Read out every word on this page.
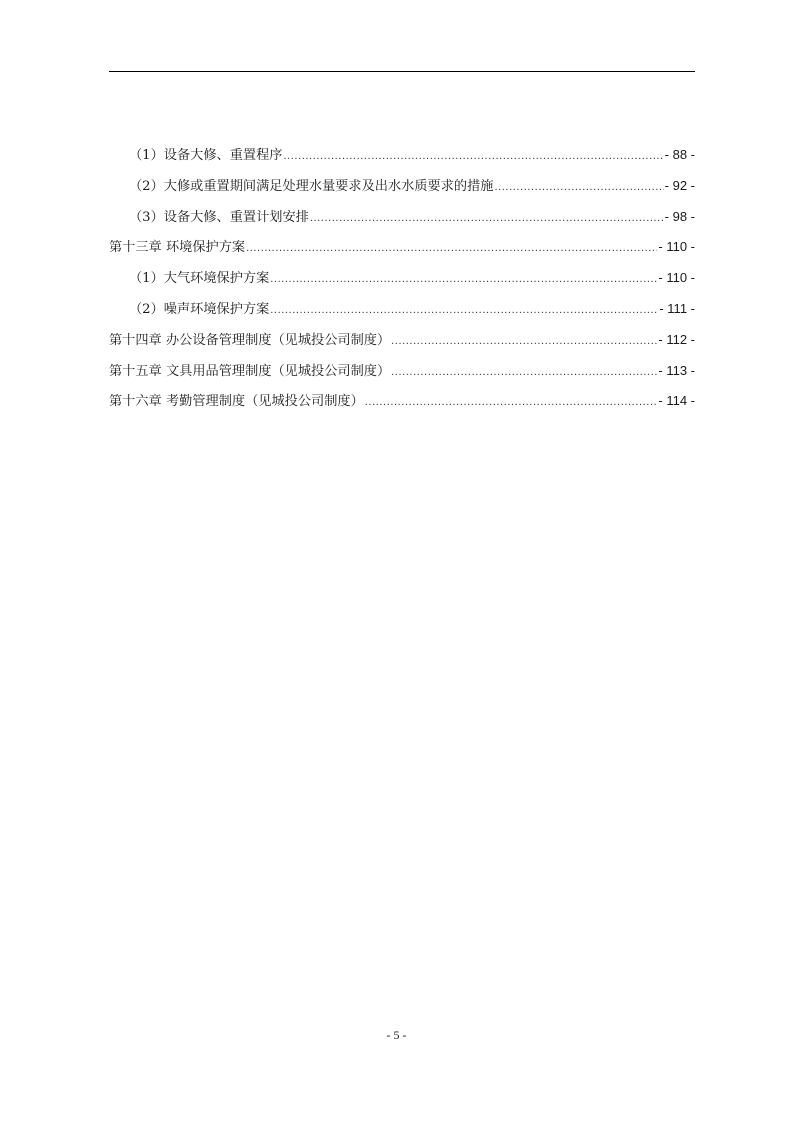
（1）设备大修、重置程序 .....	- 88 -
（2）大修或重置期间满足处理水量要求及出水水质要求的措施 .....	- 92 -
（3）设备大修、重置计划安排 .....	- 98 -
第十三章 环境保护方案 .....	- 110 -
（1）大气环境保护方案 .....	- 110 -
（2）噪声环境保护方案 .....	- 111 -
第十四章 办公设备管理制度（见城投公司制度） .....	- 112 -
第十五章 文具用品管理制度（见城投公司制度） .....	- 113 -
第十六章 考勤管理制度（见城投公司制度） .....	- 114 -
- 5 -
